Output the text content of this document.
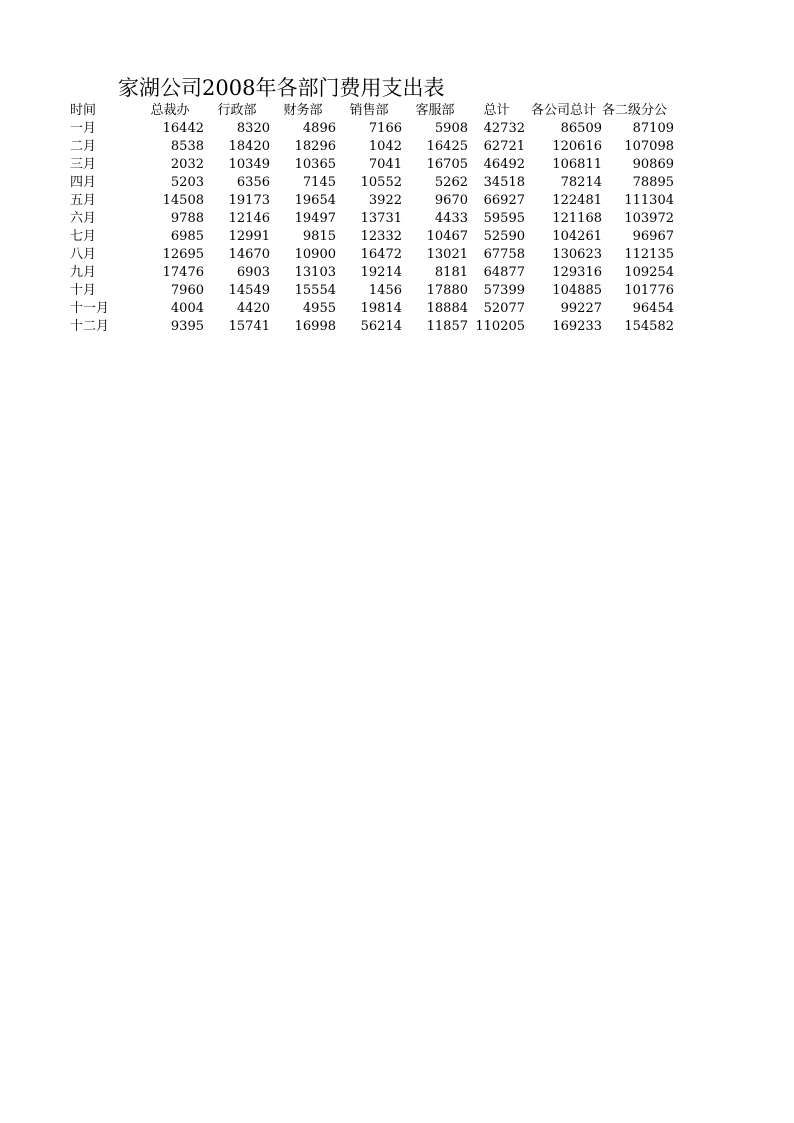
家湖公司2008年各部门费用支出表
时间	总裁办	行政部	财务部	销售部	客服部	总计	各公司总计	各二级分公
一月	16442	8320	4896	7166	5908	42732	86509	87109
二月	8538	18420	18296	1042	16425	62721	120616	107098
三月	2032	10349	10365	7041	16705	46492	106811	90869
四月	5203	6356	7145	10552	5262	34518	78214	78895
五月	14508	19173	19654	3922	9670	66927	122481	111304
六月	9788	12146	19497	13731	4433	59595	121168	103972
七月	6985	12991	9815	12332	10467	52590	104261	96967
八月	12695	14670	10900	16472	13021	67758	130623	112135
九月	17476	6903	13103	19214	8181	64877	129316	109254
十月	7960	14549	15554	1456	17880	57399	104885	101776
十一月	4004	4420	4955	19814	18884	52077	99227	96454
十二月	9395	15741	16998	56214	11857	110205	169233	154582
